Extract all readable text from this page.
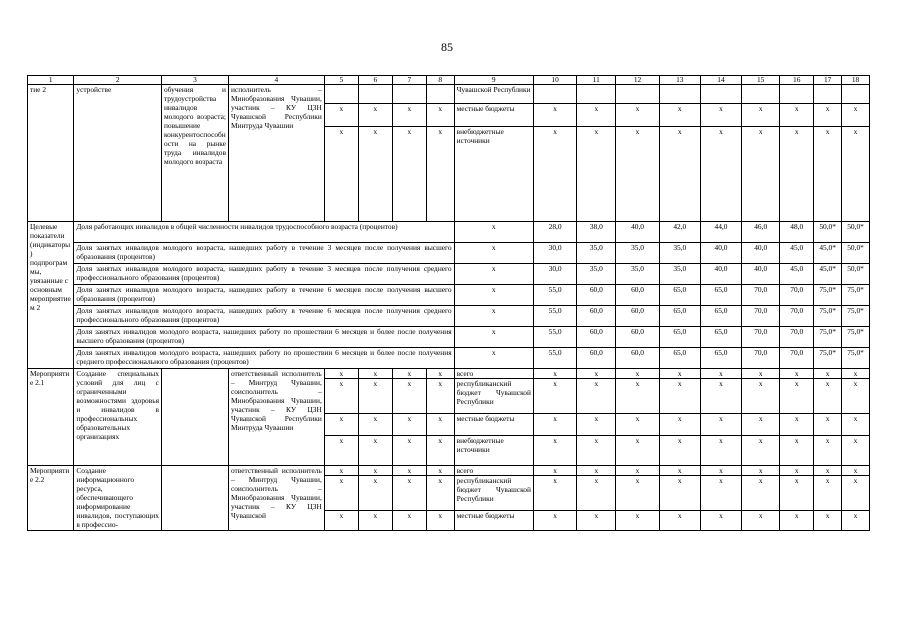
85
1	2	3	4	5	6	7	8	9	10	11	12	13	14	15	16	17	18
тие 2	устройстве	обучения и трудоустройства инвалидов молодого возраста; повышение конкурентоспособности на рынке труда инвалидов молодого возраста	исполнитель – Минобразования Чувашии, участник – КУ ЦЗН Чувашской Республики Минтруда Чувашии					Чувашской Республики									
				х	х	х	х	местные бюджеты	х	х	х	х	х	х	х	х	х
				х	х	х	х	внебюджетные источники	х	х	х	х	х	х	х	х	х
Целевые показатели (индикаторы) подпрограммы, увязанные с основным мероприятием 2	Доля работающих инвалидов в общей численности инвалидов трудоспособного возраста (процентов)							х	28,0	38,0	40,0	42,0	44,0	46,0	48,0	50,0*	50,0*
	Доля занятых инвалидов молодого возраста, нашедших работу в течение 3 месяцев после получения высшего образования (процентов)							х	30,0	35,0	35,0	35,0	40,0	40,0	45,0	45,0*	50,0*
	Доля занятых инвалидов молодого возраста, нашедших работу в течение 3 месяцев после получения среднего профессионального образования (процентов)							х	30,0	35,0	35,0	35,0	40,0	40,0	45,0	45,0*	50,0*
	Доля занятых инвалидов молодого возраста, нашедших работу в течение 6 месяцев после получения высшего образования (процентов)							х	55,0	60,0	60,0	65,0	65,0	70,0	70,0	75,0*	75,0*
	Доля занятых инвалидов молодого возраста, нашедших работу в течение 6 месяцев после получения среднего профессионального образования (процентов)							х	55,0	60,0	60,0	65,0	65,0	70,0	70,0	75,0*	75,0*
	Доля занятых инвалидов молодого возраста, нашедших работу по прошествии 6 месяцев и более после получения высшего образования (процентов)							х	55,0	60,0	60,0	65,0	65,0	70,0	70,0	75,0*	75,0*
	Доля занятых инвалидов молодого возраста, нашедших работу по прошествии 6 месяцев и более после получения среднего профессионального образования (процентов)							х	55,0	60,0	60,0	65,0	65,0	70,0	70,0	75,0*	75,0*
Мероприятие 2.1	Создание специальных условий для лиц с ограниченными возможностями здоровья и инвалидов в профессиональных образовательных организациях		ответственный исполнитель – Минтруд Чувашии, соисполнитель – Минобразования Чувашии, участник – КУ ЦЗН Чувашской Республики Минтруда Чувашии	х	х	х	х	всего	х	х	х	х	х	х	х	х	х
				х	х	х	х	республиканский бюджет Чувашской Республики	х	х	х	х	х	х	х	х	х
				х	х	х	х	местные бюджеты	х	х	х	х	х	х	х	х	х
				х	х	х	х	внебюджетные источники	х	х	х	х	х	х	х	х	х
Мероприятие 2.2	Создание информационного ресурса, обеспечивающего информирование инвалидов, поступающих в профессио-		ответственный исполнитель – Минтруд Чувашии, соисполнитель – Минобразования Чувашии, участник – КУ ЦЗН Чувашской	х	х	х	х	всего	х	х	х	х	х	х	х	х	х
				х	х	х	х	республиканский бюджет Чувашской Республики	х	х	х	х	х	х	х	х	х
				х	х	х	х	местные бюджеты	х	х	х	х	х	х	х	х	х
